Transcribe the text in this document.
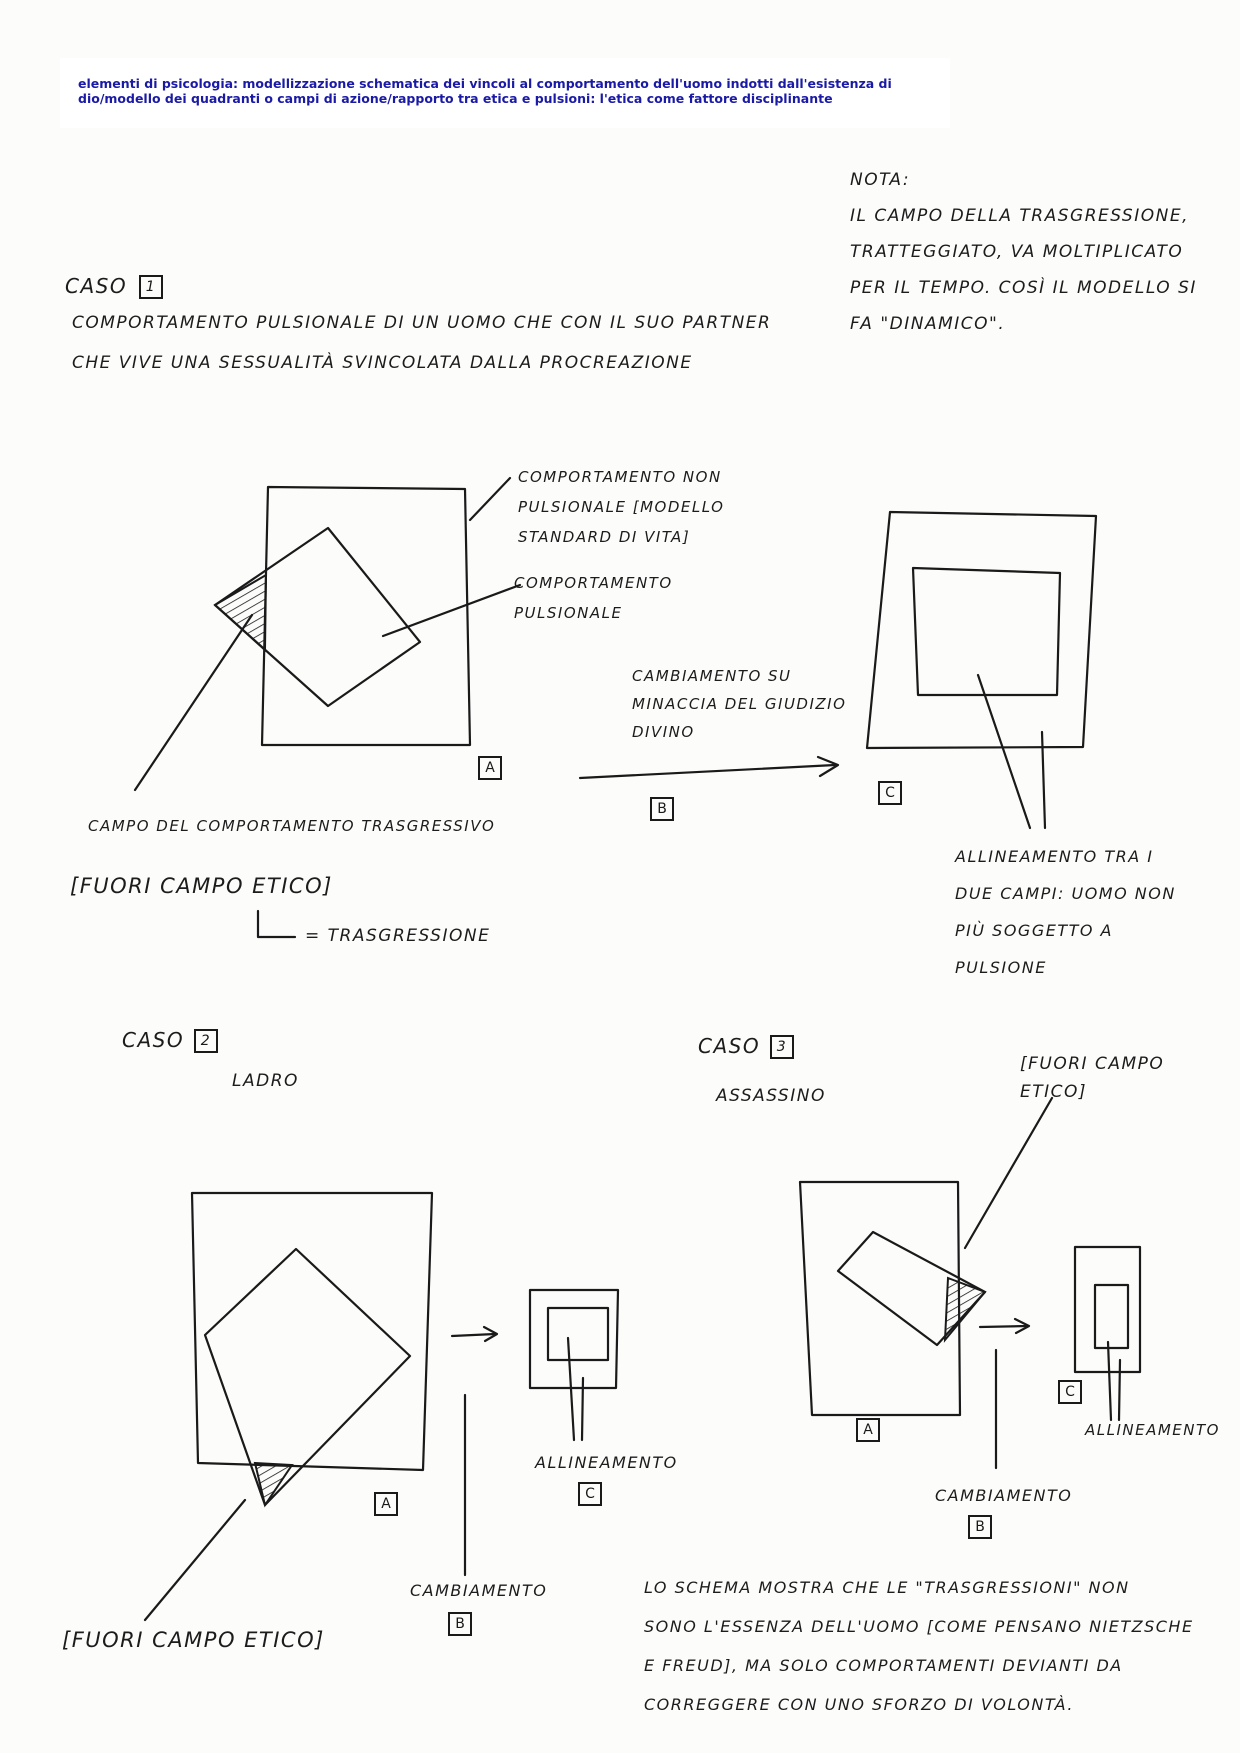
elementi di psicologia: modellizzazione schematica dei vincoli al comportamento dell'uomo indotti dall'esistenza di dio/modello dei quadranti o campi di azione/rapporto tra etica e pulsioni: l'etica come fattore disciplinante
NOTA:
IL CAMPO DELLA TRASGRESSIONE,
TRATTEGGIATO, VA MOLTIPLICATO
PER IL TEMPO. COSÌ IL MODELLO SI
FA "DINAMICO".
CASO 1
COMPORTAMENTO PULSIONALE DI UN UOMO CHE CON IL SUO PARTNER
CHE VIVE UNA SESSUALITÀ SVINCOLATA DALLA PROCREAZIONE
COMPORTAMENTO NON PULSIONALE [MODELLO STANDARD DI VITA]
COMPORTAMENTO PULSIONALE
CAMBIAMENTO SU MINACCIA DEL GIUDIZIO DIVINO
A
B
C
CAMPO DEL COMPORTAMENTO TRASGRESSIVO
[FUORI CAMPO ETICO]
= TRASGRESSIONE
ALLINEAMENTO TRA I DUE CAMPI: UOMO NON PIÙ SOGGETTO A PULSIONE
CASO 2
LADRO
A
ALLINEAMENTO
C
CAMBIAMENTO
B
[FUORI CAMPO ETICO]
CASO 3
ASSASSINO
[FUORI CAMPO ETICO]
A
C
ALLINEAMENTO
CAMBIAMENTO
B
LO SCHEMA MOSTRA CHE LE "TRASGRESSIONI" NON
SONO L'ESSENZA DELL'UOMO [COME PENSANO NIETZSCHE
E FREUD], MA SOLO COMPORTAMENTI DEVIANTI DA
CORREGGERE CON UNO SFORZO DI VOLONTÀ.
